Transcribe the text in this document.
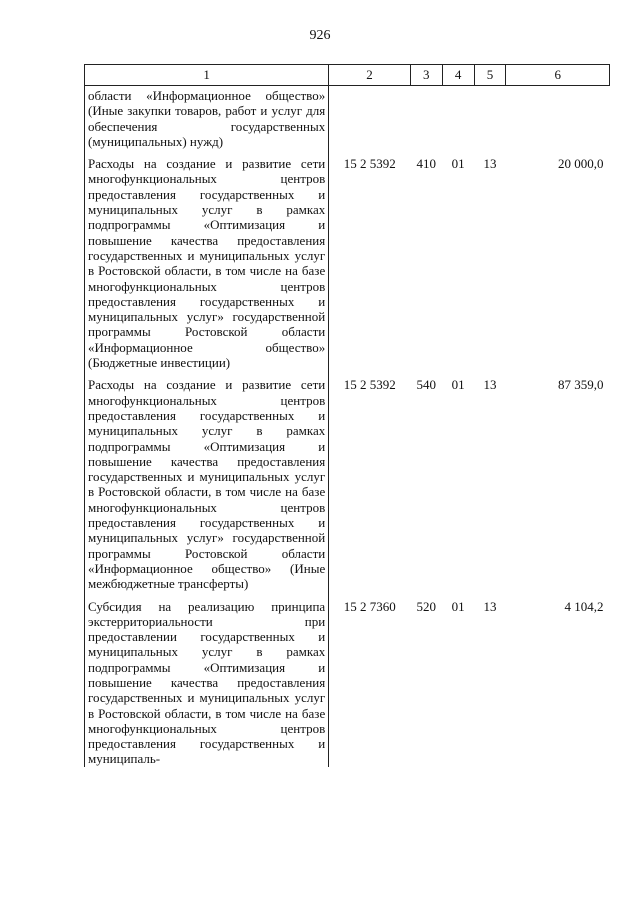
926
1	2	3	4	5	6
области «Информационное общество» (Иные закупки товаров, работ и услуг для обеспечения государственных (муниципальных) нужд)					
Расходы на создание и развитие сети многофункциональных центров предоставления государственных и муниципальных услуг в рамках подпрограммы «Оптимизация и повышение качества предоставления государственных и муниципальных услуг в Ростовской области, в том числе на базе многофункциональных центров предоставления государственных и муниципальных услуг» государственной программы Ростовской области «Информационное общество» (Бюджетные инвестиции)	15 2 5392	410	01	13	20 000,0
Расходы на создание и развитие сети многофункциональных центров предоставления государственных и муниципальных услуг в рамках подпрограммы «Оптимизация и повышение качества предоставления государственных и муниципальных услуг в Ростовской области, в том числе на базе многофункциональных центров предоставления государственных и муниципальных услуг» государственной программы Ростовской области «Информационное общество» (Иные межбюджетные трансферты)	15 2 5392	540	01	13	87 359,0
Субсидия на реализацию принципа экстерриториальности при предоставлении государственных и муниципальных услуг в рамках подпрограммы «Оптимизация и повышение качества предоставления государственных и муниципальных услуг в Ростовской области, в том числе на базе многофункциональных центров предоставления государственных и муниципаль-	15 2 7360	520	01	13	4 104,2
